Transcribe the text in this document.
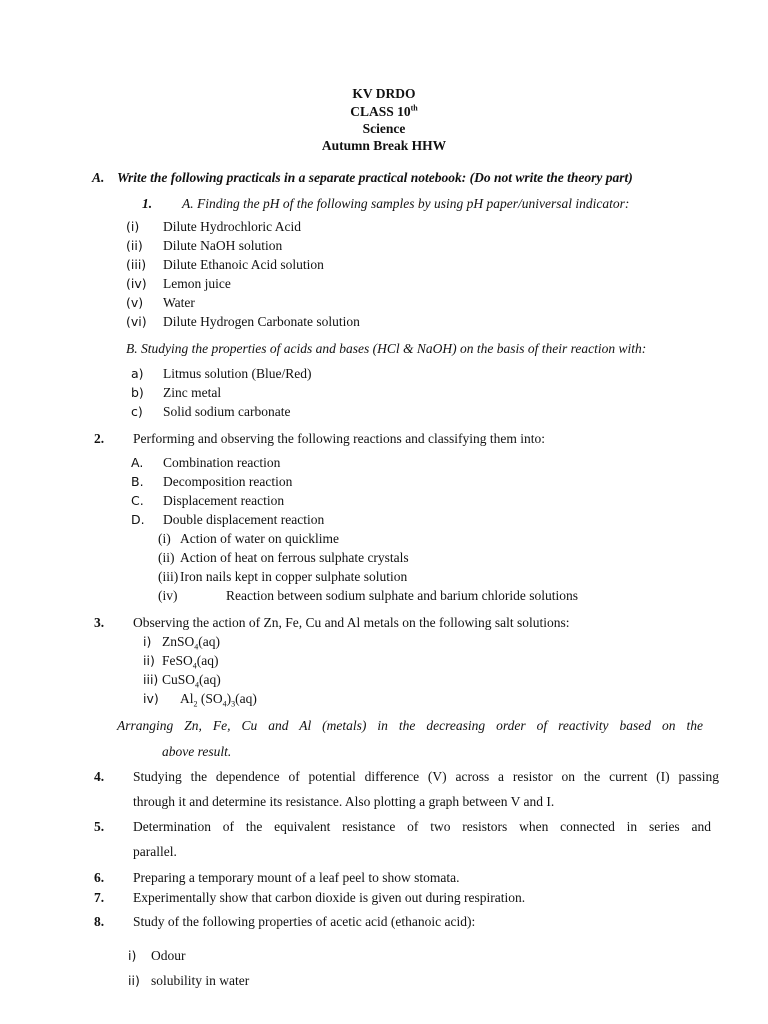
KV DRDO
CLASS 10th
Science
Autumn Break HHW
A. Write the following practicals in a separate practical notebook: (Do not write the theory part)
1. A. Finding the pH of the following samples by using pH paper/universal indicator:
(i) Dilute Hydrochloric Acid
(ii) Dilute NaOH solution
(iii) Dilute Ethanoic Acid solution
(iv) Lemon juice
(v) Water
(vi) Dilute Hydrogen Carbonate solution
B. Studying the properties of acids and bases (HCl & NaOH) on the basis of their reaction with:
a) Litmus solution (Blue/Red)
b) Zinc metal
c) Solid sodium carbonate
2. Performing and observing the following reactions and classifying them into:
A. Combination reaction
B. Decomposition reaction
C. Displacement reaction
D. Double displacement reaction
(i) Action of water on quicklime
(ii) Action of heat on ferrous sulphate crystals
(iii) Iron nails kept in copper sulphate solution
(iv)	Reaction between sodium sulphate and barium chloride solutions
3. Observing the action of Zn, Fe, Cu and Al metals on the following salt solutions:
i) ZnSO$_4$(aq)
ii) FeSO$_4$(aq)
iii) CuSO$_4$(aq)
iv) $Al_2$ $(SO_4)_3(aq)$
Arranging Zn, Fe, Cu and Al (metals) in the decreasing order of reactivity based on the
above result.
4. Studying the dependence of potential difference (V) across a resistor on the current (I) passing
through it and determine its resistance. Also plotting a graph between V and I.
5. Determination of the equivalent resistance of two resistors when connected in series and
parallel.
6. Preparing a temporary mount of a leaf peel to show stomata.
7. Experimentally show that carbon dioxide is given out during respiration.
8. Study of the following properties of acetic acid (ethanoic acid):
i) Odour
ii) solubility in water
